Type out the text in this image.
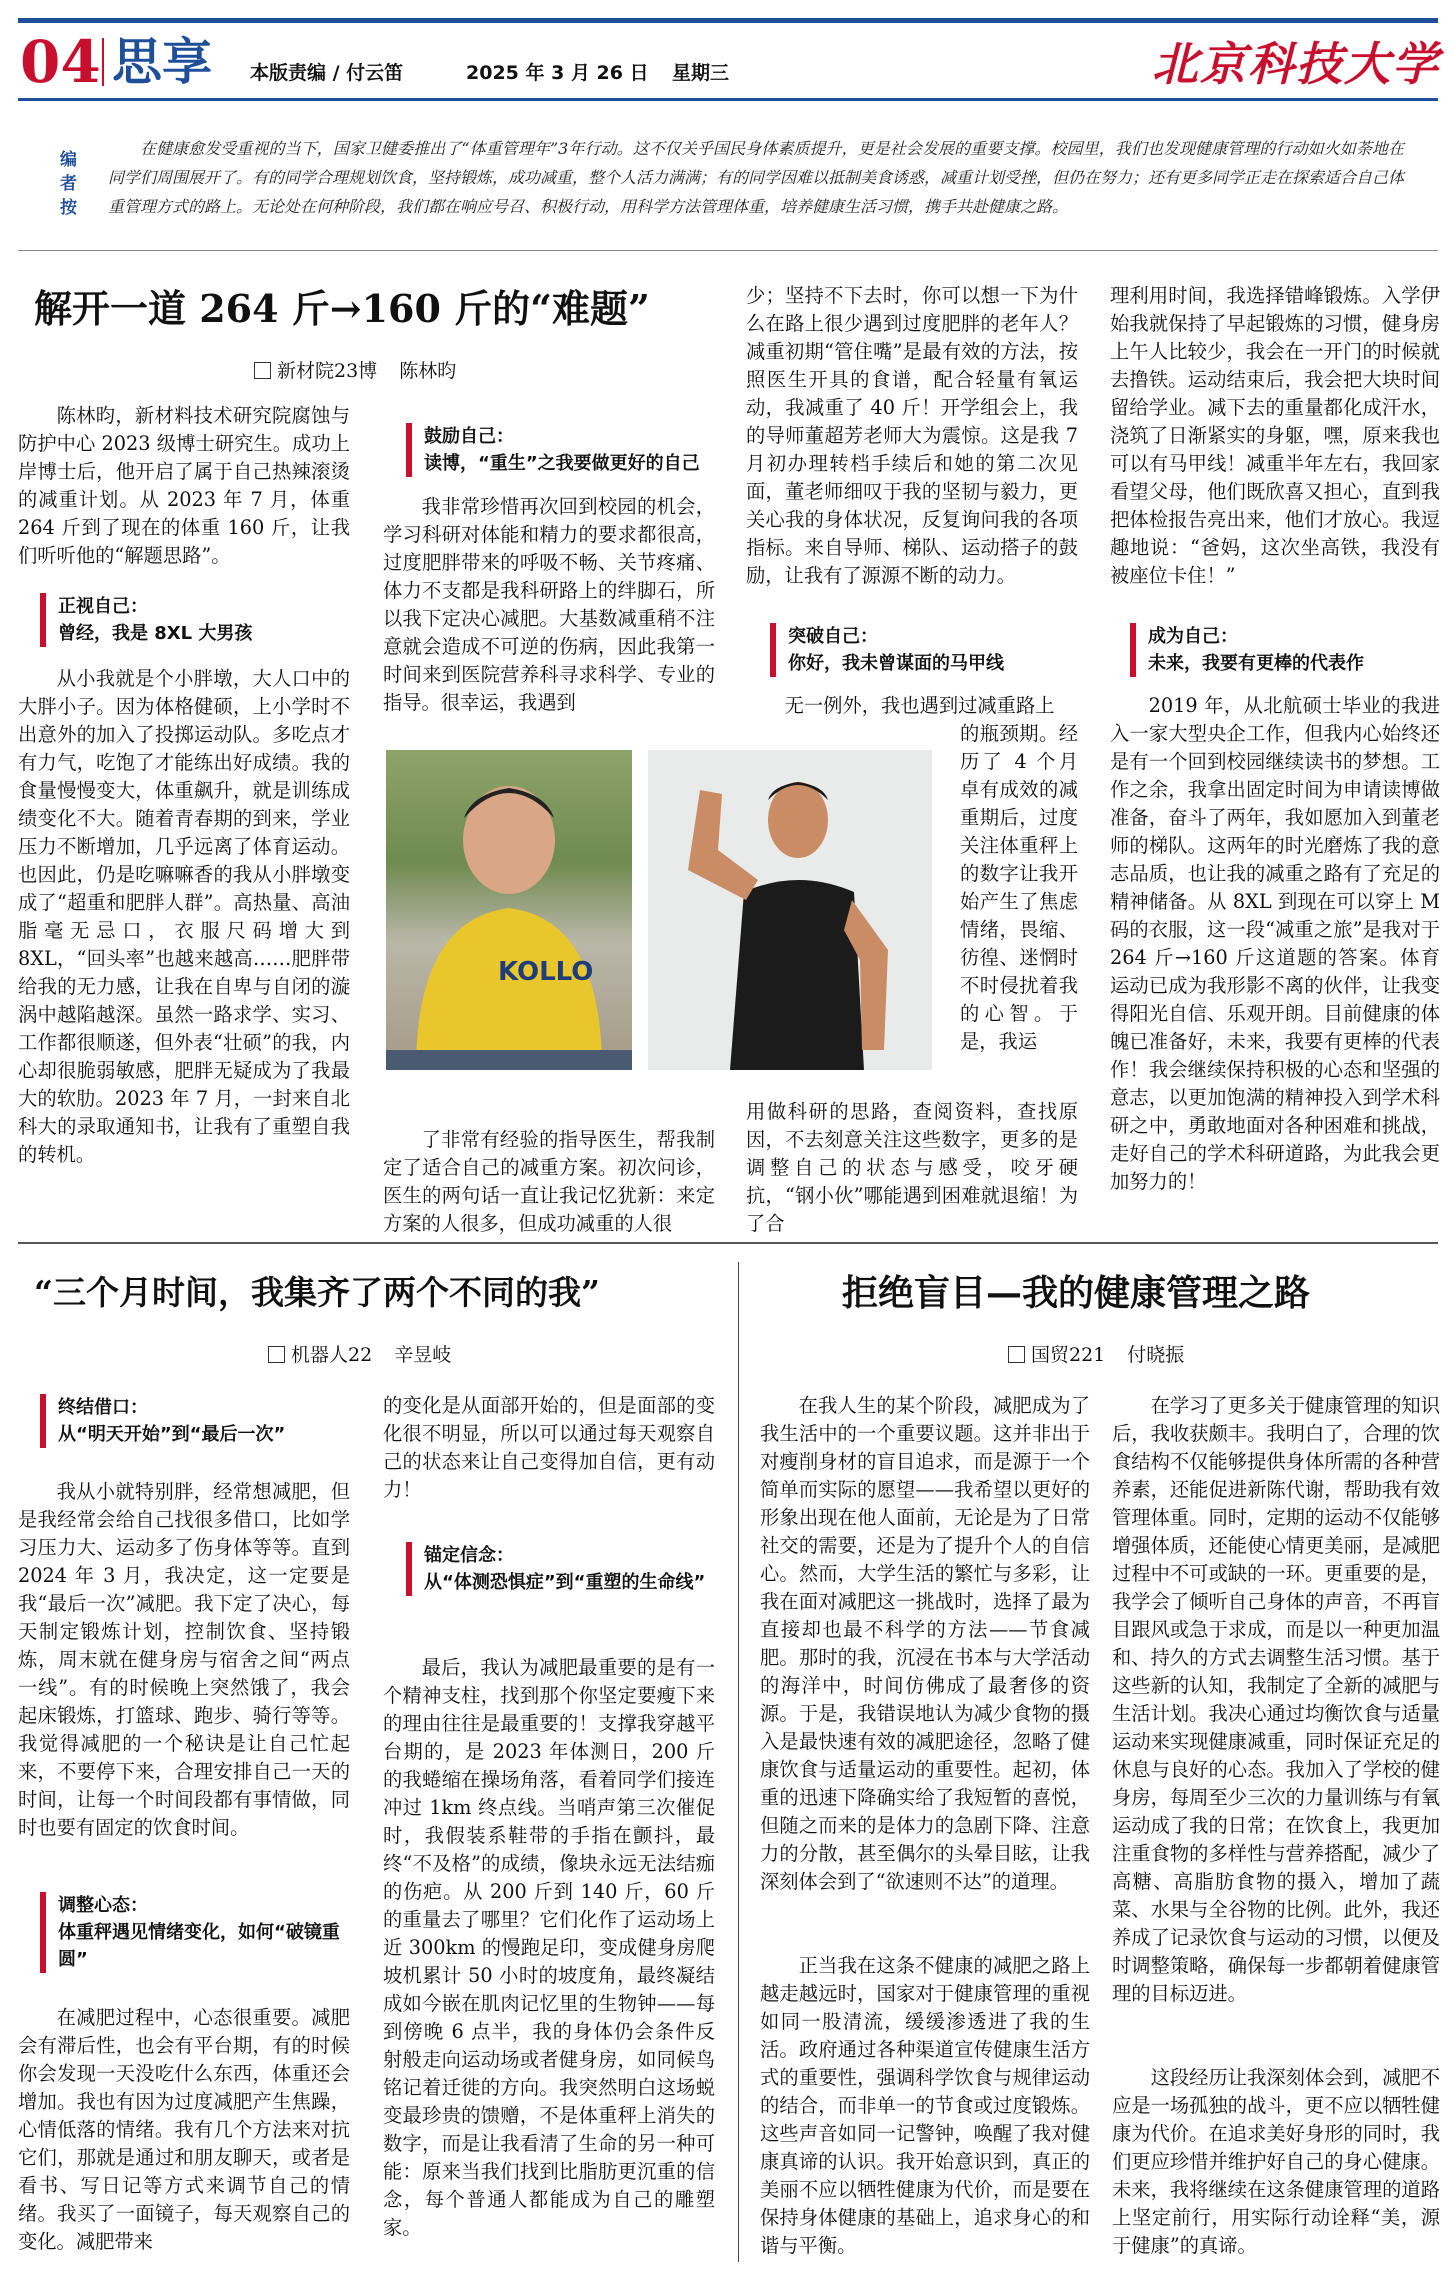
04 思享 本版责编 / 付云笛	2025 年 3 月 26 日 星期三	北京科技大学
编者按
在健康愈发受重视的当下，国家卫健委推出了“体重管理年”3年行动。这不仅关乎国民身体素质提升，更是社会发展的重要支撑。校园里，我们也发现健康管理的行动如火如荼地在同学们周围展开了。有的同学合理规划饮食，坚持锻炼，成功减重，整个人活力满满；有的同学因难以抵制美食诱惑，减重计划受挫，但仍在努力；还有更多同学正走在探索适合自己体重管理方式的路上。无论处在何种阶段，我们都在响应号召、积极行动，用科学方法管理体重，培养健康生活习惯，携手共赴健康之路。
解开一道 264 斤→160 斤的“难题”
新材院23博 陈林昀
陈林昀，新材料技术研究院腐蚀与防护中心 2023 级博士研究生。成功上岸博士后，他开启了属于自己热辣滚烫的减重计划。从 2023 年 7 月，体重 264 斤到了现在的体重 160 斤，让我们听听他的“解题思路”。
正视自己：
曾经，我是 8XL 大男孩
从小我就是个小胖墩，大人口中的大胖小子。因为体格健硕，上小学时不出意外的加入了投掷运动队。多吃点才有力气，吃饱了才能练出好成绩。我的食量慢慢变大，体重飙升，就是训练成绩变化不大。随着青春期的到来，学业压力不断增加，几乎远离了体育运动。也因此，仍是吃嘛嘛香的我从小胖墩变成了“超重和肥胖人群”。高热量、高油脂毫无忌口，衣服尺码增大到 8XL，“回头率”也越来越高……肥胖带给我的无力感，让我在自卑与自闭的漩涡中越陷越深。虽然一路求学、实习、工作都很顺遂，但外表“壮硕”的我，内心却很脆弱敏感，肥胖无疑成为了我最大的软肋。2023 年 7 月，一封来自北科大的录取通知书，让我有了重塑自我的转机。
鼓励自己：
读博，“重生”之我要做更好的自己
我非常珍惜再次回到校园的机会，学习科研对体能和精力的要求都很高，过度肥胖带来的呼吸不畅、关节疼痛、体力不支都是我科研路上的绊脚石，所以我下定决心减肥。大基数减重稍不注意就会造成不可逆的伤病，因此我第一时间来到医院营养科寻求科学、专业的指导。很幸运，我遇到
KOLLO
了非常有经验的指导医生，帮我制定了适合自己的减重方案。初次问诊，医生的两句话一直让我记忆犹新：来定方案的人很多，但成功减重的人很
少；坚持不下去时，你可以想一下为什么在路上很少遇到过度肥胖的老年人？减重初期“管住嘴”是最有效的方法，按照医生开具的食谱，配合轻量有氧运动，我减重了 40 斤！开学组会上，我的导师董超芳老师大为震惊。这是我 7 月初办理转档手续后和她的第二次见面，董老师细叹于我的坚韧与毅力，更关心我的身体状况，反复询问我的各项指标。来自导师、梯队、运动搭子的鼓励，让我有了源源不断的动力。
突破自己：
你好，我未曾谋面的马甲线
无一例外，我也遇到过减重路上
的瓶颈期。经历了 4 个月卓有成效的减重期后，过度关注体重秤上的数字让我开始产生了焦虑情绪，畏缩、彷徨、迷惘时不时侵扰着我的心智。于是，我运
用做科研的思路，查阅资料，查找原因，不去刻意关注这些数字，更多的是调整自己的状态与感受，咬牙硬抗，“钢小伙”哪能遇到困难就退缩！为了合
理利用时间，我选择错峰锻炼。入学伊始我就保持了早起锻炼的习惯，健身房上午人比较少，我会在一开门的时候就去撸铁。运动结束后，我会把大块时间留给学业。减下去的重量都化成汗水，浇筑了日渐紧实的身躯，嘿，原来我也可以有马甲线！减重半年左右，我回家看望父母，他们既欣喜又担心，直到我把体检报告亮出来，他们才放心。我逗趣地说：“爸妈，这次坐高铁，我没有被座位卡住！”
成为自己：
未来，我要有更棒的代表作
2019 年，从北航硕士毕业的我进入一家大型央企工作，但我内心始终还是有一个回到校园继续读书的梦想。工作之余，我拿出固定时间为申请读博做准备，奋斗了两年，我如愿加入到董老师的梯队。这两年的时光磨炼了我的意志品质，也让我的减重之路有了充足的精神储备。从 8XL 到现在可以穿上 M 码的衣服，这一段“减重之旅”是我对于 264 斤→160 斤这道题的答案。体育运动已成为我形影不离的伙伴，让我变得阳光自信、乐观开朗。目前健康的体魄已准备好，未来，我要有更棒的代表作！我会继续保持积极的心态和坚强的意志，以更加饱满的精神投入到学术科研之中，勇敢地面对各种困难和挑战，走好自己的学术科研道路，为此我会更加努力的！
“三个月时间，我集齐了两个不同的我”
机器人22 辛昱岐
终结借口：
从“明天开始”到“最后一次”
我从小就特别胖，经常想减肥，但是我经常会给自己找很多借口，比如学习压力大、运动多了伤身体等等。直到 2024 年 3 月，我决定，这一定要是我“最后一次”减肥。我下定了决心，每天制定锻炼计划，控制饮食、坚持锻炼，周末就在健身房与宿舍之间“两点一线”。有的时候晚上突然饿了，我会起床锻炼，打篮球、跑步、骑行等等。我觉得减肥的一个秘诀是让自己忙起来，不要停下来，合理安排自己一天的时间，让每一个时间段都有事情做，同时也要有固定的饮食时间。
调整心态：
体重秤遇见情绪变化，如何“破镜重圆”
在减肥过程中，心态很重要。减肥会有滞后性，也会有平台期，有的时候你会发现一天没吃什么东西，体重还会增加。我也有因为过度减肥产生焦躁，心情低落的情绪。我有几个方法来对抗它们，那就是通过和朋友聊天，或者是看书、写日记等方式来调节自己的情绪。我买了一面镜子，每天观察自己的变化。减肥带来
的变化是从面部开始的，但是面部的变化很不明显，所以可以通过每天观察自己的状态来让自己变得加自信，更有动力！
锚定信念：
从“体测恐惧症”到“重塑的生命线”
最后，我认为减肥最重要的是有一个精神支柱，找到那个你坚定要瘦下来的理由往往是最重要的！支撑我穿越平台期的，是 2023 年体测日，200 斤的我蜷缩在操场角落，看着同学们接连冲过 1km 终点线。当哨声第三次催促时，我假装系鞋带的手指在颤抖，最终“不及格”的成绩，像块永远无法结痂的伤疤。从 200 斤到 140 斤，60 斤的重量去了哪里？它们化作了运动场上近 300km 的慢跑足印，变成健身房爬坡机累计 50 小时的坡度角，最终凝结成如今嵌在肌肉记忆里的生物钟——每到傍晚 6 点半，我的身体仍会条件反射般走向运动场或者健身房，如同候鸟铭记着迁徙的方向。我突然明白这场蜕变最珍贵的馈赠，不是体重秤上消失的数字，而是让我看清了生命的另一种可能：原来当我们找到比脂肪更沉重的信念，每个普通人都能成为自己的雕塑家。
拒绝盲目—我的健康管理之路
国贸221 付晓振
在我人生的某个阶段，减肥成为了我生活中的一个重要议题。这并非出于对瘦削身材的盲目追求，而是源于一个简单而实际的愿望——我希望以更好的形象出现在他人面前，无论是为了日常社交的需要，还是为了提升个人的自信心。然而，大学生活的繁忙与多彩，让我在面对减肥这一挑战时，选择了最为直接却也最不科学的方法——节食减肥。那时的我，沉浸在书本与大学活动的海洋中，时间仿佛成了最奢侈的资源。于是，我错误地认为减少食物的摄入是最快速有效的减肥途径，忽略了健康饮食与适量运动的重要性。起初，体重的迅速下降确实给了我短暂的喜悦，但随之而来的是体力的急剧下降、注意力的分散，甚至偶尔的头晕目眩，让我深刻体会到了“欲速则不达”的道理。
正当我在这条不健康的减肥之路上越走越远时，国家对于健康管理的重视如同一股清流，缓缓渗透进了我的生活。政府通过各种渠道宣传健康生活方式的重要性，强调科学饮食与规律运动的结合，而非单一的节食或过度锻炼。这些声音如同一记警钟，唤醒了我对健康真谛的认识。我开始意识到，真正的美丽不应以牺牲健康为代价，而是要在保持身体健康的基础上，追求身心的和谐与平衡。
在学习了更多关于健康管理的知识后，我收获颇丰。我明白了，合理的饮食结构不仅能够提供身体所需的各种营养素，还能促进新陈代谢，帮助我有效管理体重。同时，定期的运动不仅能够增强体质，还能使心情更美丽，是减肥过程中不可或缺的一环。更重要的是，我学会了倾听自己身体的声音，不再盲目跟风或急于求成，而是以一种更加温和、持久的方式去调整生活习惯。基于这些新的认知，我制定了全新的减肥与生活计划。我决心通过均衡饮食与适量运动来实现健康减重，同时保证充足的休息与良好的心态。我加入了学校的健身房，每周至少三次的力量训练与有氧运动成了我的日常；在饮食上，我更加注重食物的多样性与营养搭配，减少了高糖、高脂肪食物的摄入，增加了蔬菜、水果与全谷物的比例。此外，我还养成了记录饮食与运动的习惯，以便及时调整策略，确保每一步都朝着健康管理的目标迈进。
这段经历让我深刻体会到，减肥不应是一场孤独的战斗，更不应以牺牲健康为代价。在追求美好身形的同时，我们更应珍惜并维护好自己的身心健康。未来，我将继续在这条健康管理的道路上坚定前行，用实际行动诠释“美，源于健康”的真谛。
